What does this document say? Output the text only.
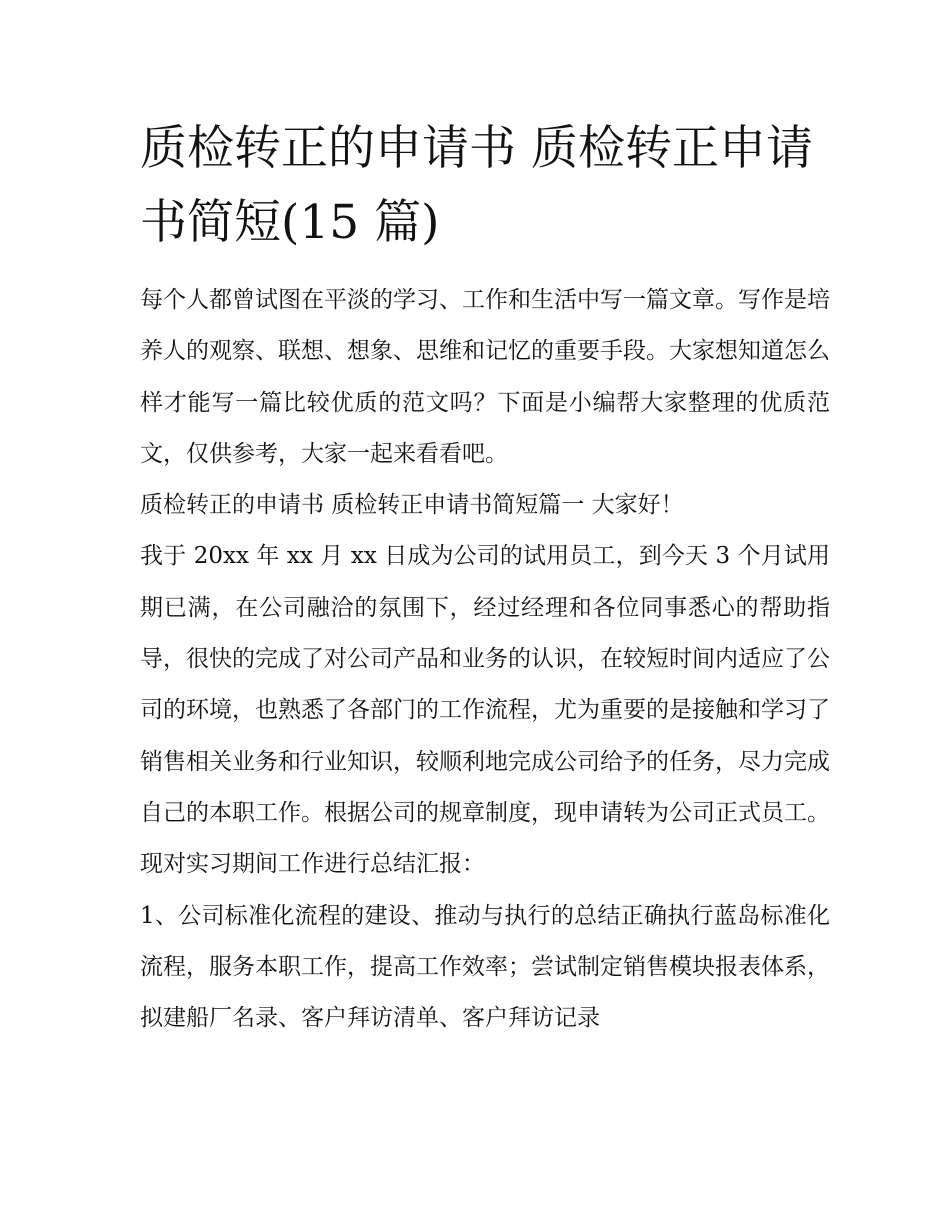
质检转正的申请书 质检转正申请书简短(15 篇)

每个人都曾试图在平淡的学习、工作和生活中写一篇文章。写作是培养人的观察、联想、想象、思维和记忆的重要手段。大家想知道怎么样才能写一篇比较优质的范文吗？下面是小编帮大家整理的优质范文，仅供参考，大家一起来看看吧。

质检转正的申请书 质检转正申请书简短篇一 大家好！

我于 20xx 年 xx 月 xx 日成为公司的试用员工，到今天 3 个月试用期已满，在公司融洽的氛围下，经过经理和各位同事悉心的帮助指导，很快的完成了对公司产品和业务的认识，在较短时间内适应了公司的环境，也熟悉了各部门的工作流程，尤为重要的是接触和学习了销售相关业务和行业知识，较顺利地完成公司给予的任务，尽力完成自己的本职工作。根据公司的规章制度，现申请转为公司正式员工。现对实习期间工作进行总结汇报：

1、公司标准化流程的建设、推动与执行的总结正确执行蓝岛标准化流程，服务本职工作，提高工作效率；尝试制定销售模块报表体系，拟建船厂名录、客户拜访清单、客户拜访记录
